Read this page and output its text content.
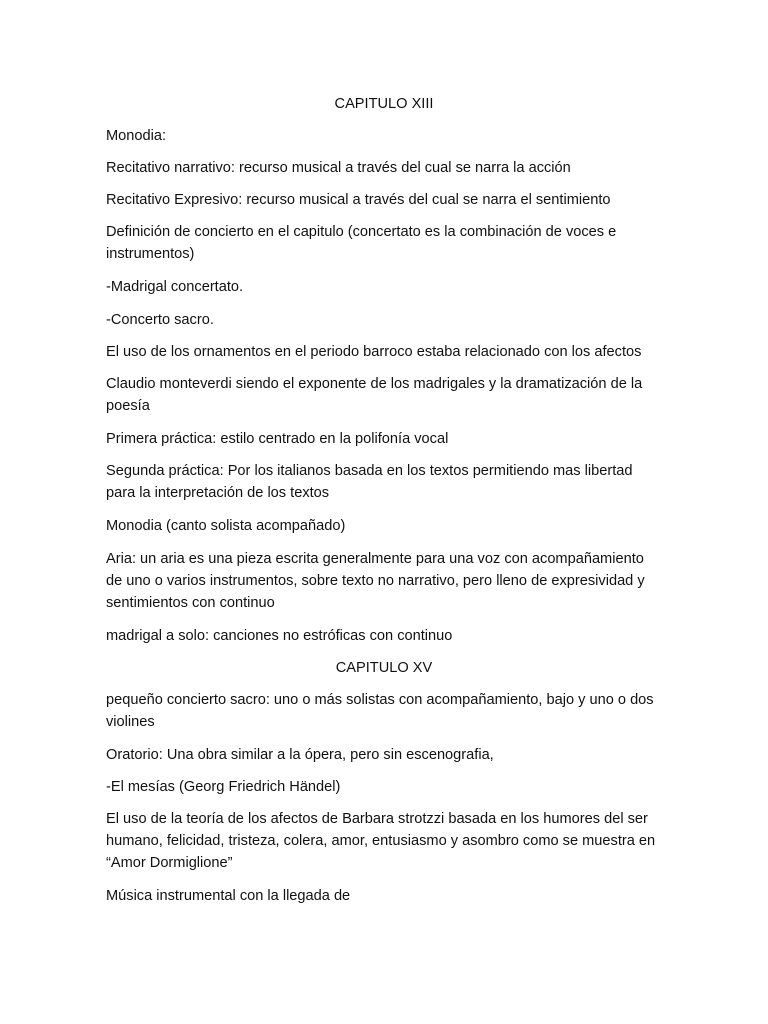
CAPITULO XIII
Monodia:
Recitativo narrativo: recurso musical a través del cual se narra la acción
Recitativo Expresivo: recurso musical a través del cual se narra el sentimiento
Definición de concierto en el capitulo (concertato es la combinación de voces e instrumentos)
-Madrigal concertato.
-Concerto sacro.
El uso de los ornamentos en el periodo barroco estaba relacionado con los afectos
Claudio monteverdi siendo el exponente de los madrigales y la dramatización de la poesía
Primera práctica: estilo centrado en la polifonía vocal
Segunda práctica: Por los italianos basada en los textos permitiendo mas libertad para la interpretación de los textos
Monodia (canto solista acompañado)
Aria: un aria es una pieza escrita generalmente para una voz con acompañamiento de uno o varios instrumentos, sobre texto no narrativo, pero lleno de expresividad y sentimientos con continuo
madrigal a solo: canciones no estróficas con continuo
CAPITULO XV
pequeño concierto sacro: uno o más solistas con acompañamiento, bajo y uno o dos violines
Oratorio: Una obra similar a la ópera, pero sin escenografia,
-El mesías (Georg Friedrich Händel)
El uso de la teoría de los afectos de Barbara strotzzi basada en los humores del ser humano, felicidad, tristeza, colera, amor, entusiasmo y asombro como se muestra en “Amor Dormiglione”
Música instrumental con la llegada de
